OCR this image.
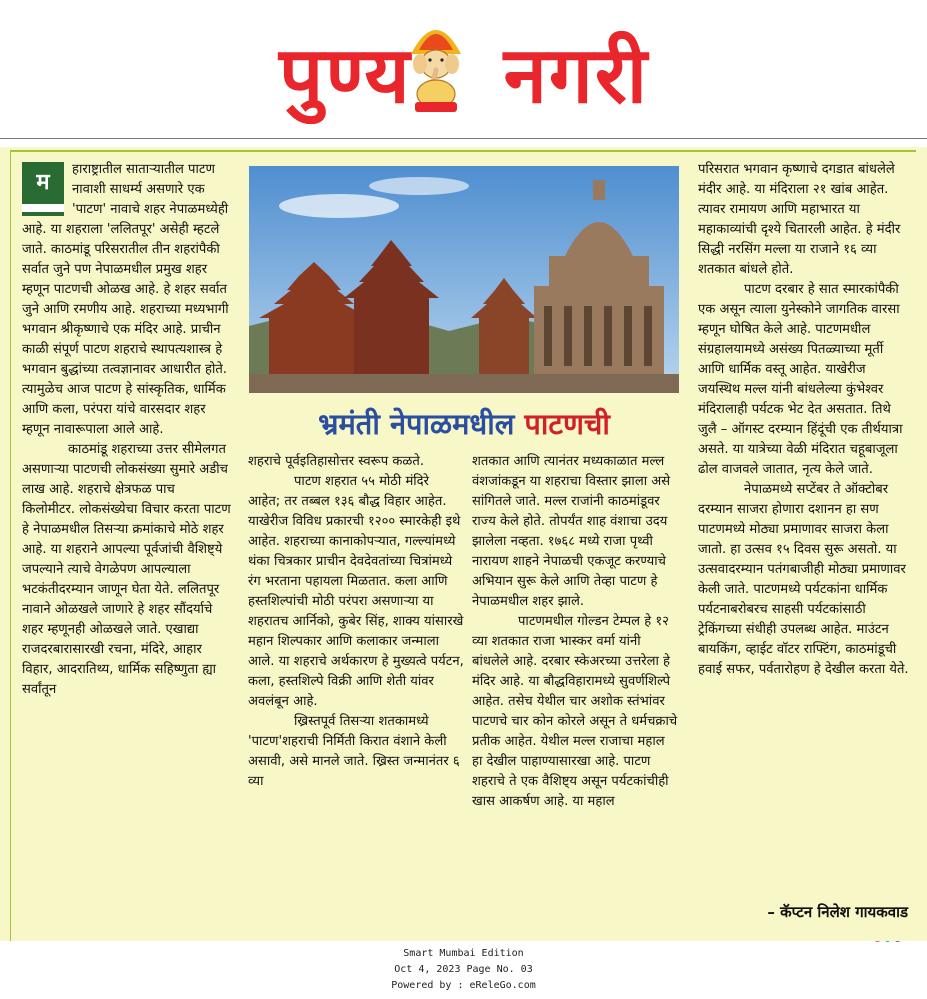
पुण्य नगरी
भ्रमंती नेपाळमधील पाटणची
म

हाराष्ट्रातील साताऱ्यातील पाटण नावाशी साधर्म्य असणारे एक 'पाटण' नावाचे शहर नेपाळमध्येही आहे. या शहराला 'ललितपूर' असेही म्हटले जाते. काठमांडू परिसरातील तीन शहरांपैकी सर्वात जुने पण नेपाळमधील प्रमुख शहर म्हणून पाटणची ओळख आहे. हे शहर सर्वात जुने आणि रमणीय आहे. शहराच्या मध्यभागी भगवान श्रीकृष्णाचे एक मंदिर आहे. प्राचीन काळी संपूर्ण पाटण शहराचे स्थापत्यशास्त्र हे भगवान बुद्धांच्या तत्वज्ञानावर आधारीत होते. त्यामुळेच आज पाटण हे सांस्कृतिक, धार्मिक आणि कला, परंपरा यांचे वारसदार शहर म्हणून नावारूपाला आले आहे.

काठमांडू शहराच्या उत्तर सीमेलगत असणाऱ्या पाटणची लोकसंख्या सुमारे अडीच लाख आहे. शहराचे क्षेत्रफळ पाच किलोमीटर. लोकसंख्येचा विचार करता पाटण हे नेपाळमधील तिसऱ्या क्रमांकाचे मोठे शहर आहे. या शहराने आपल्या पूर्वजांची वैशिष्ट्ये जपल्याने त्याचे वेगळेपण आपल्याला भटकंतीदरम्यान जाणून घेता येते. ललितपूर नावाने ओळखले जाणारे हे शहर सौंदर्याचे शहर म्हणूनही ओळखले जाते. एखाद्या राजदरबारासारखी रचना, मंदिरे, आहार विहार, आदरातिथ्य, धार्मिक सहिष्णुता ह्या सर्वांतून

शहराचे पूर्वइतिहासोत्तर स्वरूप कळते.

पाटण शहरात ५५ मोठी मंदिरे आहेत; तर तब्बल १३६ बौद्ध विहार आहेत. याखेरीज विविध प्रकारची १२०० स्मारकेही इथे आहेत. शहराच्या कानाकोपऱ्यात, गल्ल्यांमध्ये थंका चित्रकार प्राचीन देवदेवतांच्या चित्रांमध्ये रंग भरताना पहायला मिळतात. कला आणि हस्तशिल्पांची मोठी परंपरा असणाऱ्या या शहरातच आर्निको, कुबेर सिंह, शाक्य यांसारखे महान शिल्पकार आणि कलाकार जन्माला आले. या शहराचे अर्थकारण हे मुख्यत्वे पर्यटन, कला, हस्तशिल्पे विक्री आणि शेती यांवर अवलंबून आहे.

ख्रिस्तपूर्व तिसऱ्या शतकामध्ये 'पाटण'शहराची निर्मिती किरात वंशाने केली असावी, असे मानले जाते. ख्रिस्त जन्मानंतर ६ व्या

शतकात आणि त्यानंतर मध्यकाळात मल्ल वंशजांकडून या शहराचा विस्तार झाला असे सांगितले जाते. मल्ल राजांनी काठमांडूवर राज्य केले होते. तोपर्यंत शाह वंशाचा उदय झालेला नव्हता. १७६८ मध्ये राजा पृथ्वी नारायण शाहने नेपाळची एकजूट करण्याचे अभियान सुरू केले आणि तेव्हा पाटण हे नेपाळमधील शहर झाले.

पाटणमधील गोल्डन टेम्पल हे १२ व्या शतकात राजा भास्कर वर्मा यांनी बांधलेले आहे. दरबार स्केअरच्या उत्तरेला हे मंदिर आहे. या बौद्धविहारामध्ये सुवर्णशिल्पे आहेत. तसेच येथील चार अशोक स्तंभांवर पाटणचे चार कोन कोरले असून ते धर्मचक्राचे प्रतीक आहेत. येथील मल्ल राजाचा महाल हा देखील पाहाण्यासारखा आहे. पाटण शहराचे ते एक वैशिष्ट्य असून पर्यटकांचीही खास आकर्षण आहे. या महाल

परिसरात भगवान कृष्णाचे दगडात बांधलेले मंदीर आहे. या मंदिराला २१ खांब आहेत. त्यावर रामायण आणि महाभारत या महाकाव्यांची दृश्ये चितारली आहेत. हे मंदीर सिद्धी नरसिंग मल्ला या राजाने १६ व्या शतकात बांधले होते.

पाटण दरबार हे सात स्मारकांपैकी एक असून त्याला युनेस्कोने जागतिक वारसा म्हणून घोषित केले आहे. पाटणमधील संग्रहालयामध्ये असंख्य पितळ्याच्या मूर्ती आणि धार्मिक वस्तू आहेत. याखेरीज जयस्थिथ मल्ल यांनी बांधलेल्या कुंभेश्वर मंदिरालाही पर्यटक भेट देत असतात. तिथे जुलै – ऑगस्ट दरम्यान हिंदूंची एक तीर्थयात्रा असते. या यात्रेच्या वेळी मंदिरात चहूबाजूला ढोल वाजवले जातात, नृत्य केले जाते.

नेपाळमध्ये सप्टेंबर ते ऑक्टोबर दरम्यान साजरा होणारा दशानन हा सण पाटणमध्ये मोठ्या प्रमाणावर साजरा केला जातो. हा उत्सव १५ दिवस सुरू असतो. या उत्सवादरम्यान पतंगबाजीही मोठ्या प्रमाणावर केली जाते. पाटणमध्ये पर्यटकांना धार्मिक पर्यटनाबरोबरच साहसी पर्यटकांसाठी ट्रेकिंगच्या संधीही उपलब्ध आहेत. माउंटन बायकिंग, व्हाईट वॉटर राफ्टिंग, काठमांडूची हवाई सफर, पर्वतारोहण हे देखील करता येते.

– कॅप्टन निलेश गायकवाड
Smart Mumbai Edition
Oct 4, 2023 Page No. 03
Powered by : eReleGo.com
